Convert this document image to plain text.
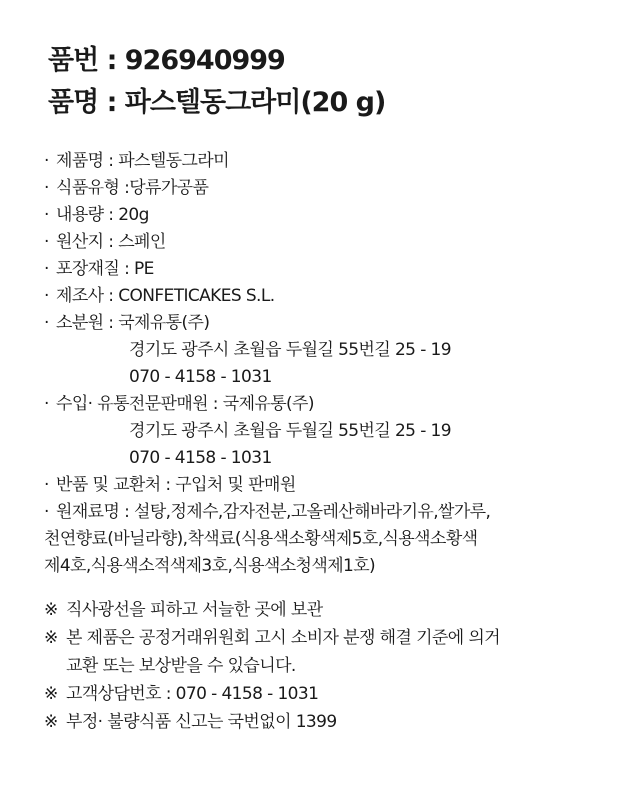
품번 : 926940999
품명 : 파스텔동그라미(20 g)
· 제품명 : 파스텔동그라미
· 식품유형 :당류가공품
· 내용량 : 20g
· 원산지 : 스페인
· 포장재질 : PE
· 제조사 : CONFETICAKES S.L.
· 소분원 : 국제유통(주)
경기도 광주시 초월읍 두월길 55번길 25 - 19
070 - 4158 - 1031
· 수입· 유통전문판매원 : 국제유통(주)
경기도 광주시 초월읍 두월길 55번길 25 - 19
070 - 4158 - 1031
· 반품 및 교환처 : 구입처 및 판매원
· 원재료명 : 설탕,정제수,감자전분,고올레산해바라기유,쌀가루,
천연향료(바닐라향),착색료(식용색소황색제5호,식용색소황색
제4호,식용색소적색제3호,식용색소청색제1호)
※ 직사광선을 피하고 서늘한 곳에 보관
※ 본 제품은 공정거래위원회 고시 소비자 분쟁 해결 기준에 의거
교환 또는 보상받을 수 있습니다.
※ 고객상담번호 : 070 - 4158 - 1031
※ 부정· 불량식품 신고는 국번없이 1399
